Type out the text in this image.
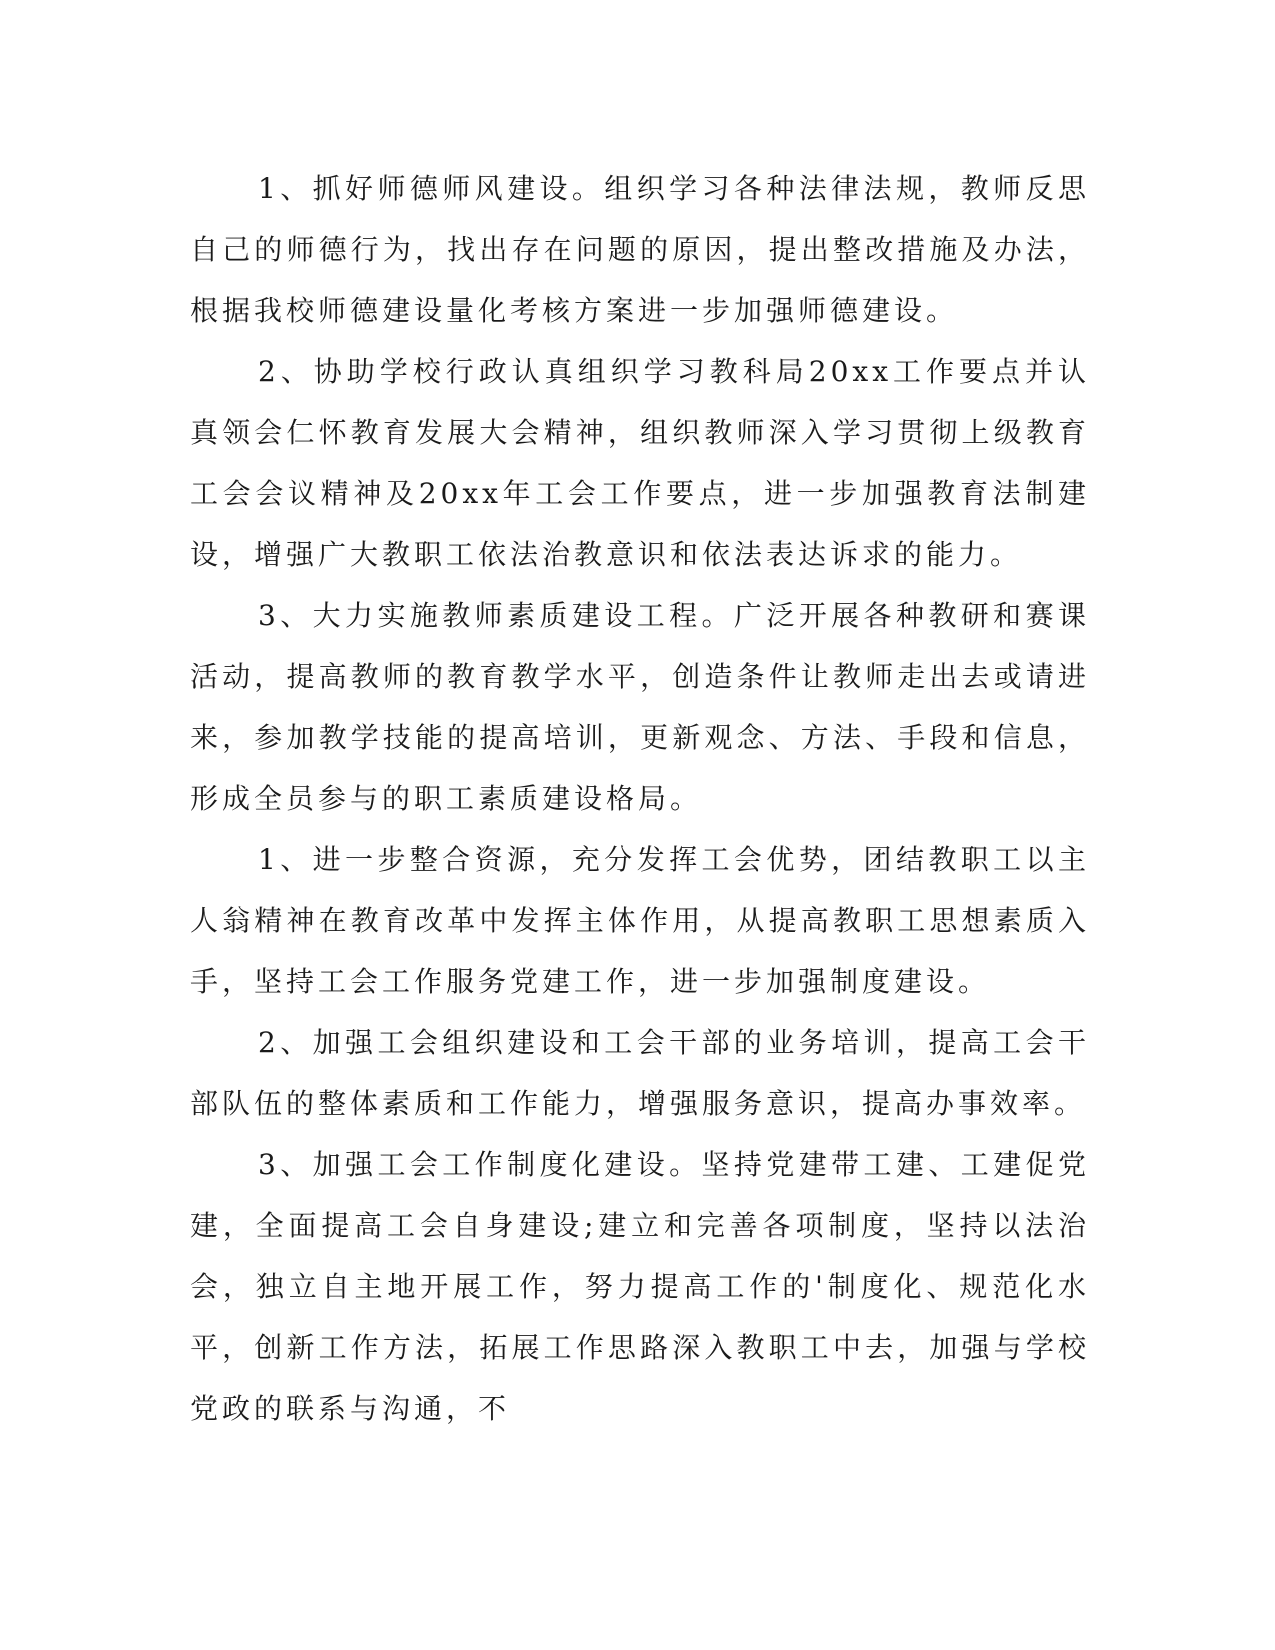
1、抓好师德师风建设。组织学习各种法律法规，教师反思自己的师德行为，找出存在问题的原因，提出整改措施及办法，根据我校师德建设量化考核方案进一步加强师德建设。

2、协助学校行政认真组织学习教科局20xx工作要点并认真领会仁怀教育发展大会精神，组织教师深入学习贯彻上级教育工会会议精神及20xx年工会工作要点，进一步加强教育法制建设，增强广大教职工依法治教意识和依法表达诉求的能力。

3、大力实施教师素质建设工程。广泛开展各种教研和赛课活动，提高教师的教育教学水平，创造条件让教师走出去或请进来，参加教学技能的提高培训，更新观念、方法、手段和信息，形成全员参与的职工素质建设格局。

1、进一步整合资源，充分发挥工会优势，团结教职工以主人翁精神在教育改革中发挥主体作用，从提高教职工思想素质入手，坚持工会工作服务党建工作，进一步加强制度建设。

2、加强工会组织建设和工会干部的业务培训，提高工会干部队伍的整体素质和工作能力，增强服务意识，提高办事效率。

3、加强工会工作制度化建设。坚持党建带工建、工建促党建，全面提高工会自身建设;建立和完善各项制度，坚持以法治会，独立自主地开展工作，努力提高工作的'制度化、规范化水平，创新工作方法，拓展工作思路深入教职工中去，加强与学校党政的联系与沟通，不
